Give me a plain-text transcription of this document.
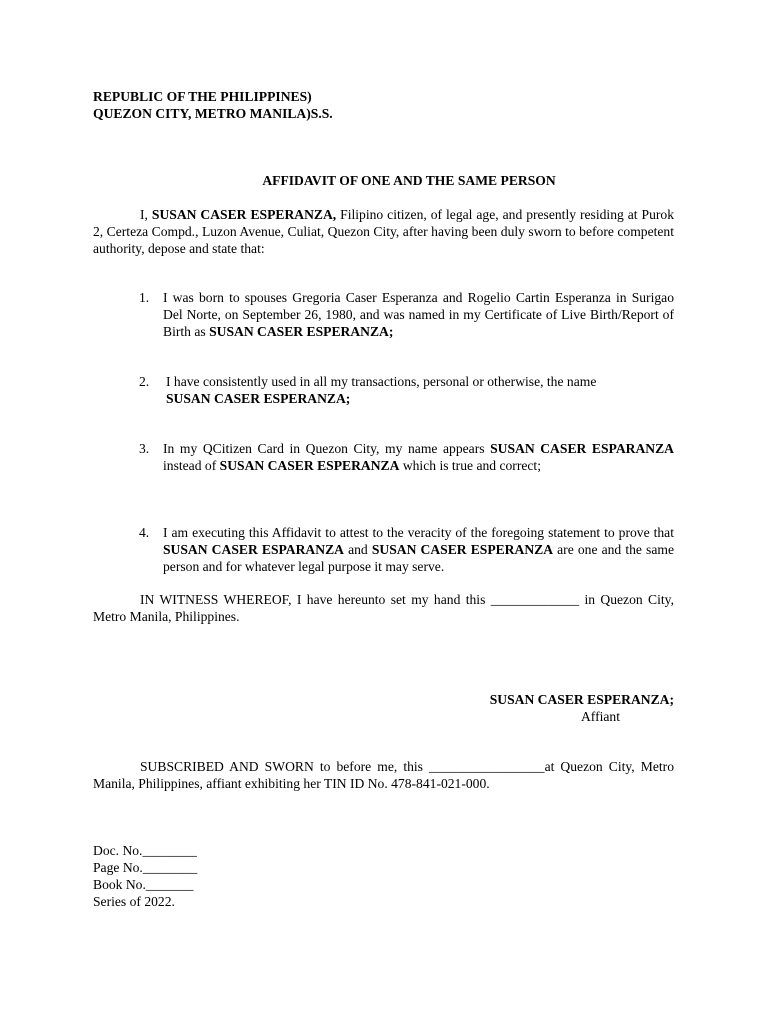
REPUBLIC OF THE PHILIPPINES)
QUEZON CITY, METRO MANILA)S.S.
AFFIDAVIT OF ONE AND THE SAME PERSON

I, SUSAN CASER ESPERANZA, Filipino citizen, of legal age, and presently residing at Purok 2, Certeza Compd., Luzon Avenue, Culiat, Quezon City, after having been duly sworn to before competent authority, depose and state that:

1. I was born to spouses Gregoria Caser Esperanza and Rogelio Cartin Esperanza in Surigao Del Norte, on September 26, 1980, and was named in my Certificate of Live Birth/Report of Birth as SUSAN CASER ESPERANZA;

2. I have consistently used in all my transactions, personal or otherwise, the name
SUSAN CASER ESPERANZA;
3. In my QCitizen Card in Quezon City, my name appears SUSAN CASER ESPARANZA instead of SUSAN CASER ESPERANZA which is true and correct;

4. I am executing this Affidavit to attest to the veracity of the foregoing statement to prove that SUSAN CASER ESPARANZA and SUSAN CASER ESPERANZA are one and the same person and for whatever legal purpose it may serve.

IN WITNESS WHEREOF, I have hereunto set my hand this _____________ in Quezon City, Metro Manila, Philippines.

SUSAN CASER ESPERANZA;
Affiant

SUBSCRIBED AND SWORN to before me, this _________________at Quezon City, Metro Manila, Philippines, affiant exhibiting her TIN ID No. 478-841-021-000.

Doc. No.________
Page No.________
Book No._______
Series of 2022.
